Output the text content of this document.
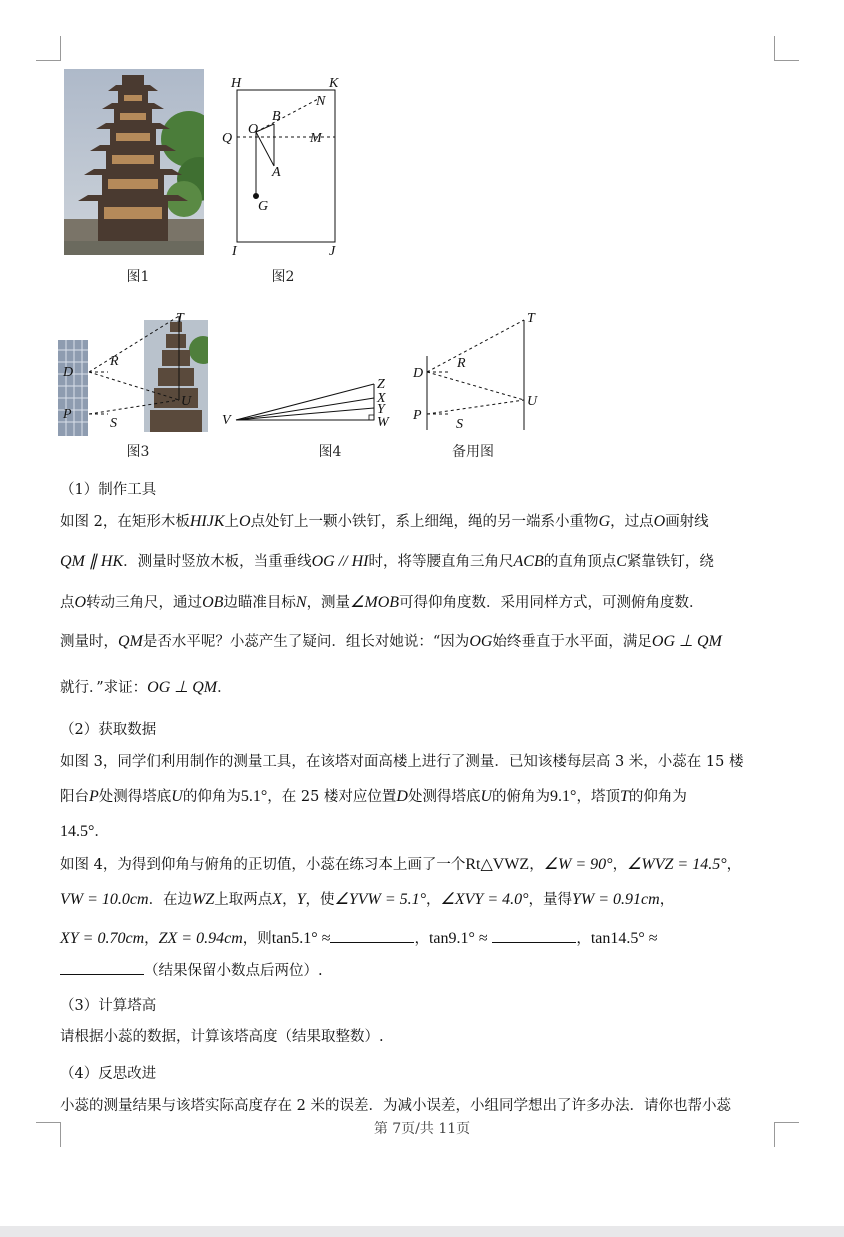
图1
H	K
N
B
Q
O
M
A
G
I	J
图2
T
R
D
U
P
S
图3
Z
X
Y
W
V
图4
T
R
D
U
P
S
备用图
（1）制作工具
如图 2，在矩形木板HIJK上O点处钉上一颗小铁钉，系上细绳，绳的另一端系小重物G，过点O画射线
QM ∥ HK．测量时竖放木板，当重垂线OG // HI时，将等腰直角三角尺ACB的直角顶点C紧靠铁钉，绕
点O转动三角尺，通过OB边瞄准目标N，测量∠MOB可得仰角度数．采用同样方式，可测俯角度数．
测量时，QM是否水平呢？小蕊产生了疑问．组长对她说：“因为OG始终垂直于水平面，满足OG ⊥ QM
就行．”求证：OG ⊥ QM．
（2）获取数据
如图 3，同学们利用制作的测量工具，在该塔对面高楼上进行了测量．已知该楼每层高 3 米，小蕊在 15 楼
阳台P处测得塔底U的仰角为5.1°，在 25 楼对应位置D处测得塔底U的俯角为9.1°，塔顶T的仰角为
14.5°．
如图 4，为得到仰角与俯角的正切值，小蕊在练习本上画了一个Rt△VWZ，∠W = 90°，∠WVZ = 14.5°，
VW = 10.0cm．在边WZ上取两点X，Y，使∠YVW = 5.1°，∠XVY = 4.0°，量得YW = 0.91cm，
XY = 0.70cm，ZX = 0.94cm，则tan5.1° ≈	，tan9.1° ≈	，tan14.5° ≈
（结果保留小数点后两位）.
（3）计算塔高
请根据小蕊的数据，计算该塔高度（结果取整数）.
（4）反思改进
小蕊的测量结果与该塔实际高度存在 2 米的误差．为减小误差，小组同学想出了许多办法．请你也帮小蕊
第 7页/共 11页
